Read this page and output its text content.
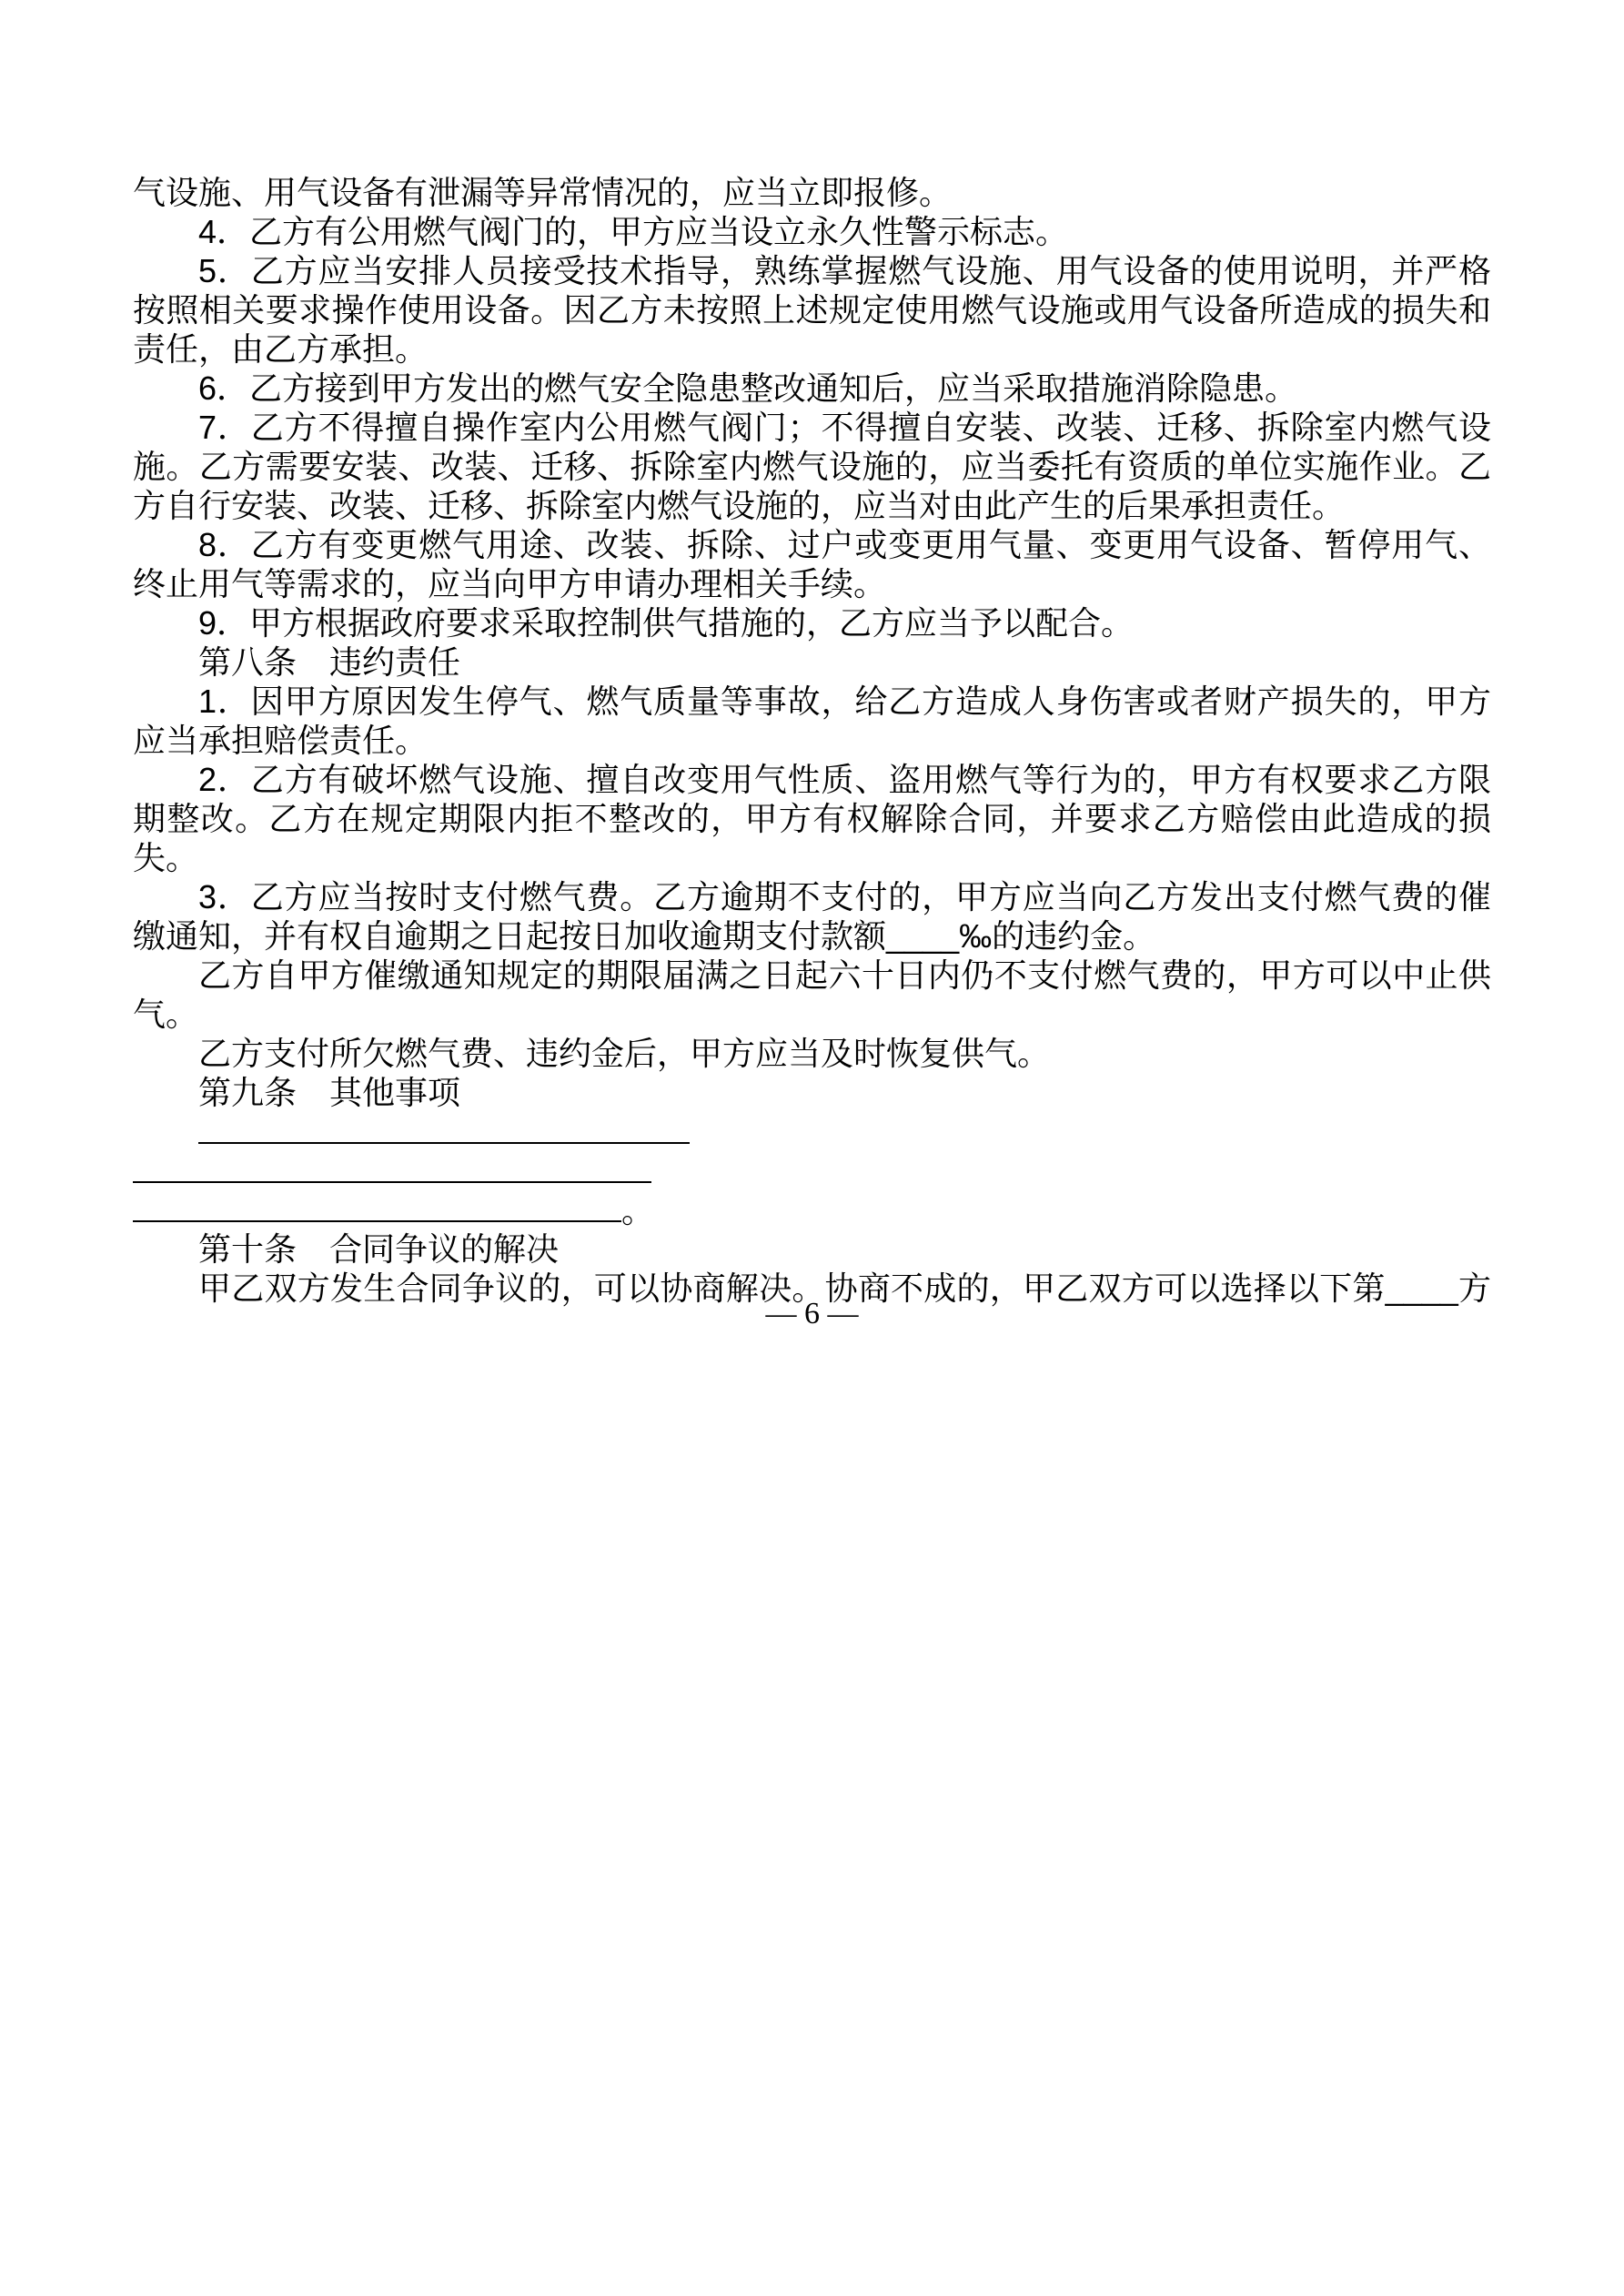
气设施、用气设备有泄漏等异常情况的，应当立即报修。

4．乙方有公用燃气阀门的，甲方应当设立永久性警示标志。

5．乙方应当安排人员接受技术指导，熟练掌握燃气设施、用气设备的使用说明，并严格按照相关要求操作使用设备。因乙方未按照上述规定使用燃气设施或用气设备所造成的损失和责任，由乙方承担。

6．乙方接到甲方发出的燃气安全隐患整改通知后，应当采取措施消除隐患。

7．乙方不得擅自操作室内公用燃气阀门；不得擅自安装、改装、迁移、拆除室内燃气设施。乙方需要安装、改装、迁移、拆除室内燃气设施的，应当委托有资质的单位实施作业。乙方自行安装、改装、迁移、拆除室内燃气设施的，应当对由此产生的后果承担责任。

8．乙方有变更燃气用途、改装、拆除、过户或变更用气量、变更用气设备、暂停用气、终止用气等需求的，应当向甲方申请办理相关手续。

9．甲方根据政府要求采取控制供气措施的，乙方应当予以配合。

第八条　违约责任

1．因甲方原因发生停气、燃气质量等事故，给乙方造成人身伤害或者财产损失的，甲方应当承担赔偿责任。

2．乙方有破坏燃气设施、擅自改变用气性质、盗用燃气等行为的，甲方有权要求乙方限期整改。乙方在规定期限内拒不整改的，甲方有权解除合同，并要求乙方赔偿由此造成的损失。

3．乙方应当按时支付燃气费。乙方逾期不支付的，甲方应当向乙方发出支付燃气费的催缴通知，并有权自逾期之日起按日加收逾期支付款额____‰的违约金。

乙方自甲方催缴通知规定的期限届满之日起六十日内仍不支付燃气费的，甲方可以中止供气。

乙方支付所欠燃气费、违约金后，甲方应当及时恢复供气。

第九条　其他事项

。

第十条　合同争议的解决

甲乙双方发生合同争议的，可以协商解决。协商不成的，甲乙双方可以选择以下第____方

— 6 —
